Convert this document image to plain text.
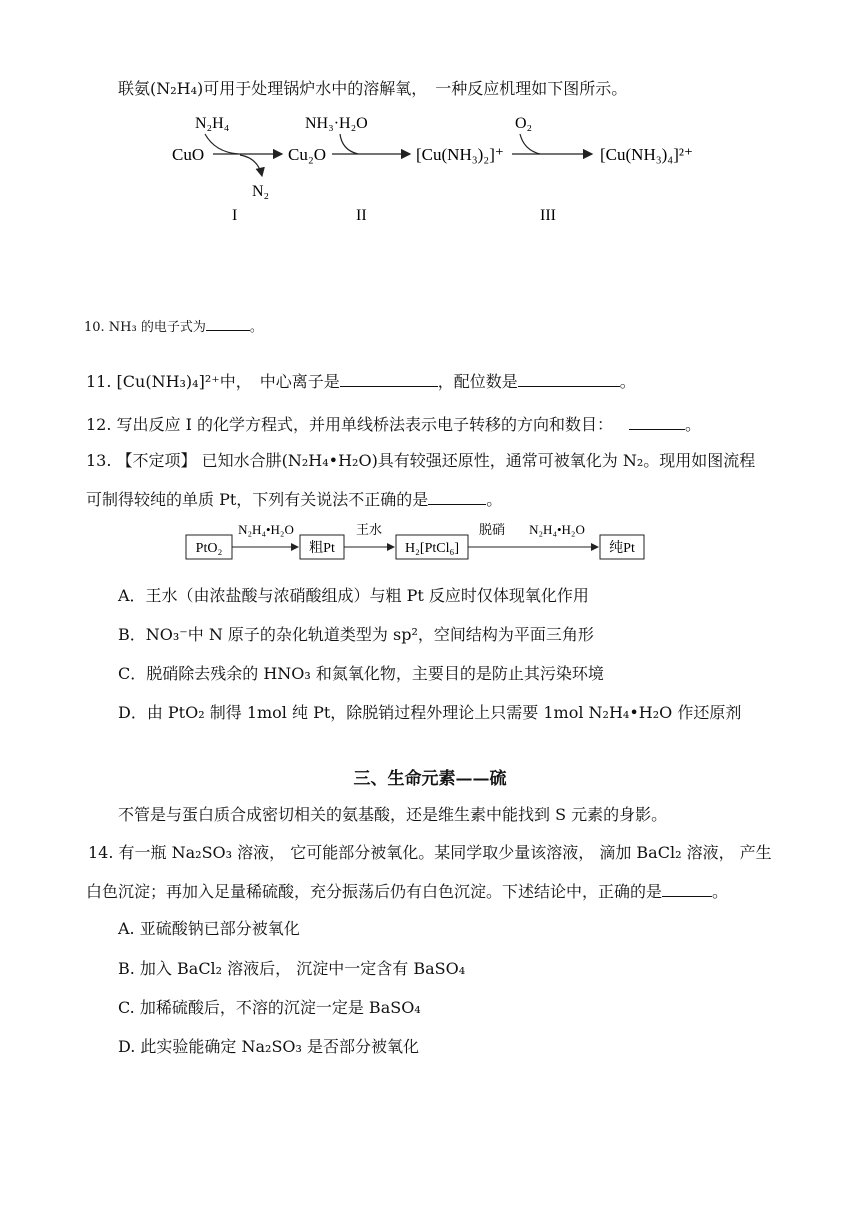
联氨(N₂H₄)可用于处理锅炉水中的溶解氧，　一种反应机理如下图所示。
CuO	Cu₂O	[Cu(NH₃)₂]⁺	[Cu(NH₃)₄]²⁺
N₂H₄	NH₃·H₂O	O₂
N₂
I	II	III
10. NH₃ 的电子式为	。
11. [Cu(NH₃)₄]²⁺中，　中心离子是	，配位数是	。
12. 写出反应 I 的化学方程式，并用单线桥法表示电子转移的方向和数目：	。
13. 【不定项】 已知水合肼(N₂H₄•H₂O)具有较强还原性，通常可被氧化为 N₂。现用如图流程
可制得较纯的单质 Pt，下列有关说法不正确的是	。
PtO₂
N₂H₄•H₂O
粗Pt
王水
H₂[PtCl₆]
脱硝 N₂H₄•H₂O
纯Pt
A．王水（由浓盐酸与浓硝酸组成）与粗 Pt 反应时仅体现氧化作用
B．NO₃⁻中 N 原子的杂化轨道类型为 sp²，空间结构为平面三角形
C．脱硝除去残余的 HNO₃ 和氮氧化物，主要目的是防止其污染环境
D．由 PtO₂ 制得 1mol 纯 Pt，除脱销过程外理论上只需要 1mol N₂H₄•H₂O 作还原剂
三、生命元素——硫
不管是与蛋白质合成密切相关的氨基酸，还是维生素中能找到 S 元素的身影。
14. 有一瓶 Na₂SO₃ 溶液， 它可能部分被氧化。某同学取少量该溶液， 滴加 BaCl₂ 溶液， 产生
白色沉淀；再加入足量稀硫酸，充分振荡后仍有白色沉淀。下述结论中，正确的是	。
A. 亚硫酸钠已部分被氧化
B. 加入 BaCl₂ 溶液后， 沉淀中一定含有 BaSO₄
C. 加稀硫酸后，不溶的沉淀一定是 BaSO₄
D. 此实验能确定 Na₂SO₃ 是否部分被氧化
